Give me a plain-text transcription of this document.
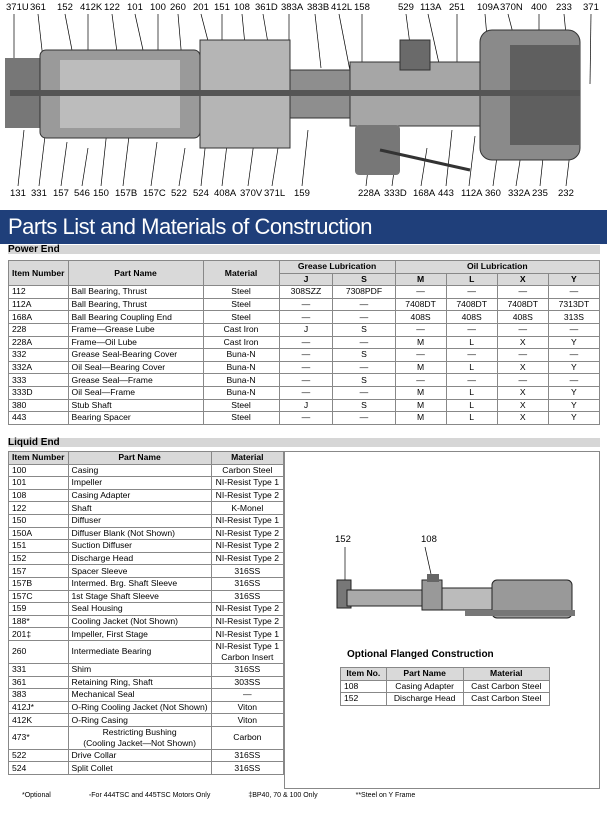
371U 361 152 412K 122 101 100 260 201 151 108 361D 383A 383B 412L 158	529 113A 251 109A 370N 400 233 371
131 331 157 546 150 157B 157C 522 524 408A 370V 371L 159	228A 333D 168A 443 112A 360 332A 235 232
Parts List and Materials of Construction
Power End
Item Number	Part Name	Material	Grease Lubrication		Oil Lubrication			
			J	S	M	L	X	Y
112	Ball Bearing, Thrust	Steel	308SZZ	7308PDF	—	—	—	—
112A	Ball Bearing, Thrust	Steel	—	—	7408DT	7408DT	7408DT	7313DT
168A	Ball Bearing Coupling End	Steel	—	—	408S	408S	408S	313S
228	Frame—Grease Lube	Cast Iron	J	S	—	—	—	—
228A	Frame—Oil Lube	Cast Iron	—	—	M	L	X	Y
332	Grease Seal-Bearing Cover	Buna-N	—	S	—	—	—	—
332A	Oil Seal—Bearing Cover	Buna-N	—	—	M	L	X	Y
333	Grease Seal—Frame	Buna-N	—	S	—	—	—	—
333D	Oil Seal—Frame	Buna-N	—	—	M	L	X	Y
380	Stub Shaft	Steel	J	S	M	L	X	Y
443	Bearing Spacer	Steel	—	—	M	L	X	Y
Liquid End
Item Number	Part Name	Material
100	Casing	Carbon Steel
101	Impeller	NI-Resist Type 1
108	Casing Adapter	NI-Resist Type 2
122	Shaft	K-Monel
150	Diffuser	NI-Resist Type 1
150A	Diffuser Blank (Not Shown)	NI-Resist Type 2
151	Suction Diffuser	NI-Resist Type 2
152	Discharge Head	NI-Resist Type 2
157	Spacer Sleeve	316SS
157B	Intermed. Brg. Shaft Sleeve	316SS
157C	1st Stage Shaft Sleeve	316SS
159	Seal Housing	NI-Resist Type 2
188*	Cooling Jacket (Not Shown)	NI-Resist Type 2
201‡	Impeller, First Stage	NI-Resist Type 1
260	Intermediate Bearing	NI-Resist Type 1
Carbon Insert
331	Shim	316SS
361	Retaining Ring, Shaft	303SS
383	Mechanical Seal	—
412J*	O-Ring Cooling Jacket (Not Shown)	Viton
412K	O-Ring Casing	Viton
473*	Restricting Bushing
(Cooling Jacket—Not Shown)	Carbon
522	Drive Collar	316SS
524	Split Collet	316SS
152	108
Optional Flanged Construction
Item No.	Part Name	Material
108	Casing Adapter	Cast Carbon Steel
152	Discharge Head	Cast Carbon Steel
*Optional	◦For 444TSC and 445TSC Motors Only	‡BP40, 70 & 100 Only	**Steel on Y Frame
